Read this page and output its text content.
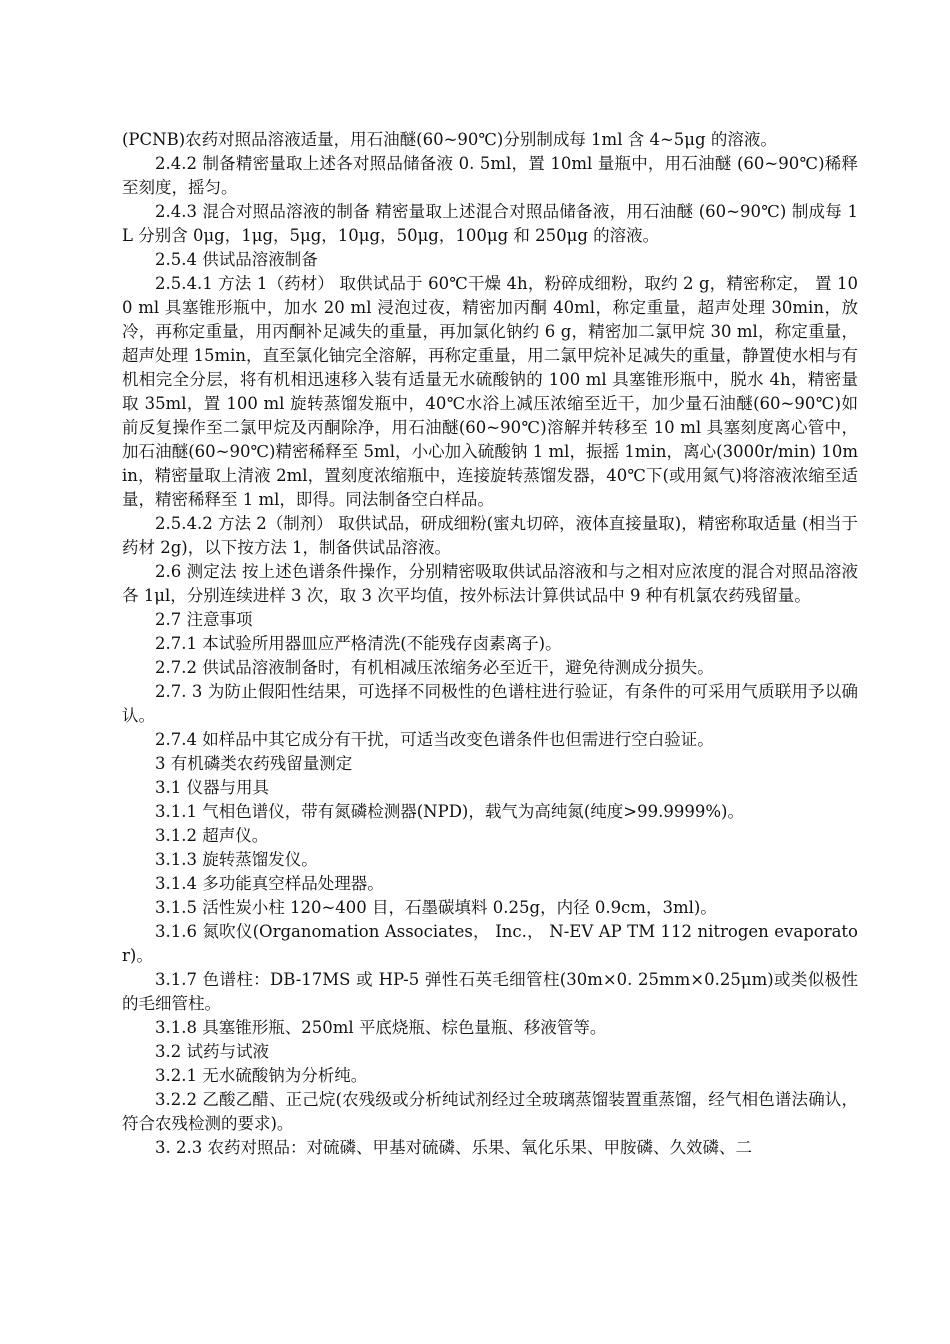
(PCNB)农药对照品溶液适量，用石油醚(60~90℃)分别制成每 1ml 含 4~5μg 的溶液。

2.4.2 制备精密量取上述各对照品储备液 0. 5ml，置 10ml 量瓶中，用石油醚 (60~90℃)稀释至刻度，摇匀。

2.4.3 混合对照品溶液的制备 精密量取上述混合对照品储备液，用石油醚 (60~90℃) 制成每 1L 分别含 0μg，1μg，5μg，10μg，50μg，100μg 和 250μg 的溶液。

2.5.4 供试品溶液制备

2.5.4.1 方法 1（药材） 取供试品于 60℃干燥 4h，粉碎成细粉，取约 2 g，精密称定， 置 100 ml 具塞锥形瓶中，加水 20 ml 浸泡过夜，精密加丙酮 40ml，称定重量，超声处理 30min，放冷，再称定重量，用丙酮补足减失的重量，再加氯化钠约 6 g，精密加二氯甲烷 30 ml，称定重量，超声处理 15min，直至氯化铀完全溶解，再称定重量，用二氯甲烷补足减失的重量，静置使水相与有机相完全分层，将有机相迅速移入装有适量无水硫酸钠的 100 ml 具塞锥形瓶中，脱水 4h，精密量取 35ml，置 100 ml 旋转蒸馏发瓶中，40℃水浴上减压浓缩至近干，加少量石油醚(60~90℃)如前反复操作至二氯甲烷及丙酮除净，用石油醚(60~90℃)溶解并转移至 10 ml 具塞刻度离心管中，加石油醚(60~90℃)精密稀释至 5ml，小心加入硫酸钠 1 ml，振摇 1min，离心(3000r/min) 10min，精密量取上清液 2ml，置刻度浓缩瓶中，连接旋转蒸馏发器，40℃下(或用氮气)将溶液浓缩至适量，精密稀释至 1 ml，即得。同法制备空白样品。

2.5.4.2 方法 2（制剂） 取供试品，研成细粉(蜜丸切碎，液体直接量取)，精密称取适量 (相当于药材 2g)，以下按方法 1，制备供试品溶液。

2.6 测定法 按上述色谱条件操作，分别精密吸取供试品溶液和与之相对应浓度的混合对照品溶液各 1μl，分别连续进样 3 次，取 3 次平均值，按外标法计算供试品中 9 种有机氯农药残留量。

2.7 注意事项

2.7.1 本试验所用器皿应严格清洗(不能残存卤素离子)。

2.7.2 供试品溶液制备时，有机相减压浓缩务必至近干，避免待测成分损失。

2.7. 3 为防止假阳性结果，可选择不同极性的色谱柱进行验证，有条件的可采用气质联用予以确认。

2.7.4 如样品中其它成分有干扰，可适当改变色谱条件也但需进行空白验证。

3 有机磷类农药残留量测定

3.1 仪器与用具

3.1.1 气相色谱仪，带有氮磷检测器(NPD)，载气为高纯氮(纯度>99.9999%)。

3.1.2 超声仪。

3.1.3 旋转蒸馏发仪。

3.1.4 多功能真空样品处理器。

3.1.5 活性炭小柱 120~400 目，石墨碳填料 0.25g，内径 0.9cm，3ml)。

3.1.6 氮吹仪(Organomation Associates， Inc.， N-EV AP TM 112 nitrogen evaporator)。

3.1.7 色谱柱：DB-17MS 或 HP-5 弹性石英毛细管柱(30m×0. 25mm×0.25μm)或类似极性的毛细管柱。

3.1.8 具塞锥形瓶、250ml 平底烧瓶、棕色量瓶、移液管等。

3.2 试药与试液

3.2.1 无水硫酸钠为分析纯。

3.2.2 乙酸乙醋、正己烷(农残级或分析纯试剂经过全玻璃蒸馏装置重蒸馏，经气相色谱法确认，符合农残检测的要求)。

3. 2.3 农药对照品：对硫磷、甲基对硫磷、乐果、氧化乐果、甲胺磷、久效磷、二
